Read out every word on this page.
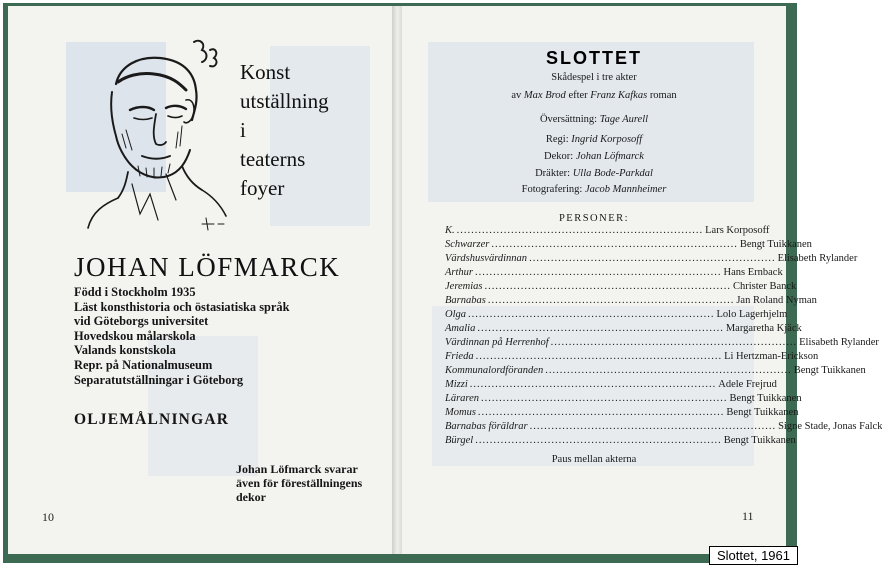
Konst
utställning
i
teaterns
foyer
JOHAN LÖFMARCK
Född i Stockholm 1935
Läst konsthistoria och östasiatiska språk
vid Göteborgs universitet
Hovedskou målarskola
Valands konstskola
Repr. på Nationalmuseum
Separatutställningar i Göteborg
OLJEMÅLNINGAR
Johan Löfmarck svarar
även för föreställningens
dekor
10
SLOTTET
Skådespel i tre akter
av Max Brod efter Franz Kafkas roman
Översättning: Tage Aurell
Regi: Ingrid Korposoff
Dekor: Johan Löfmarck
Dräkter: Ulla Bode-Parkdal
Fotografering: Jacob Mannheimer
PERSONER:
K. .................................................................... Lars Korposoff
Schwarzer .................................................................... Bengt Tuikkanen
Värdshusvärdinnan .................................................................... Elisabeth Rylander
Arthur .................................................................... Hans Ernback
Jeremias .................................................................... Christer Banck
Barnabas .................................................................... Jan Roland Nyman
Olga .................................................................... Lolo Lagerhjelm
Amalia .................................................................... Margaretha Kjäck
Värdinnan på Herrenhof .................................................................... Elisabeth Rylander
Frieda .................................................................... Li Hertzman-Erickson
Kommunalordföranden .................................................................... Bengt Tuikkanen
Mizzi .................................................................... Adele Frejrud
Läraren .................................................................... Bengt Tuikkanen
Momus .................................................................... Bengt Tuikkanen
Barnabas föräldrar .................................................................... Signe Stade, Jonas Falck
Bürgel .................................................................... Bengt Tuikkanen
Paus mellan akterna
11
Slottet, 1961
